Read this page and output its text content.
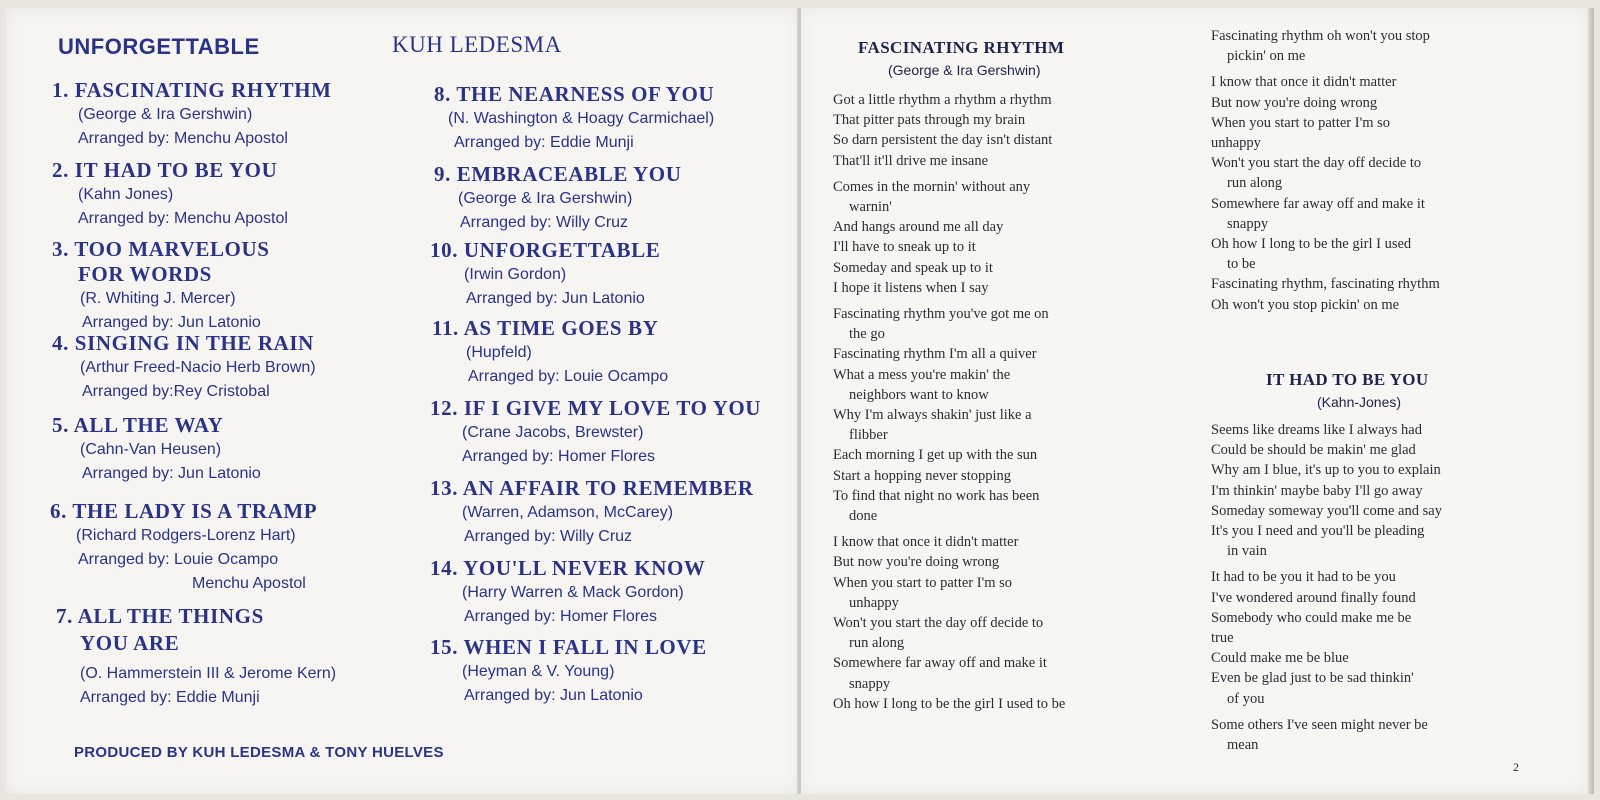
UNFORGETTABLE	KUH LEDESMA
1. FASCINATING RHYTHM
(George & Ira Gershwin)
Arranged by: Menchu Apostol
2. IT HAD TO BE YOU
(Kahn Jones)
Arranged by: Menchu Apostol
3. TOO MARVELOUS
FOR WORDS
(R. Whiting J. Mercer)
Arranged by: Jun Latonio
4. SINGING IN THE RAIN
(Arthur Freed-Nacio Herb Brown)
Arranged by:Rey Cristobal
5. ALL THE WAY
(Cahn-Van Heusen)
Arranged by: Jun Latonio
6. THE LADY IS A TRAMP
(Richard Rodgers-Lorenz Hart)
Arranged by: Louie Ocampo
Menchu Apostol
7. ALL THE THINGS
YOU ARE
(O. Hammerstein III & Jerome Kern)
Arranged by: Eddie Munji
8. THE NEARNESS OF YOU
(N. Washington & Hoagy Carmichael)
Arranged by: Eddie Munji
9. EMBRACEABLE YOU
(George & Ira Gershwin)
Arranged by: Willy Cruz
10. UNFORGETTABLE
(Irwin Gordon)
Arranged by: Jun Latonio
11. AS TIME GOES BY
(Hupfeld)
Arranged by: Louie Ocampo
12. IF I GIVE MY LOVE TO YOU
(Crane Jacobs, Brewster)
Arranged by: Homer Flores
13. AN AFFAIR TO REMEMBER
(Warren, Adamson, McCarey)
Arranged by: Willy Cruz
14. YOU'LL NEVER KNOW
(Harry Warren & Mack Gordon)
Arranged by: Homer Flores
15. WHEN I FALL IN LOVE
(Heyman & V. Young)
Arranged by: Jun Latonio
PRODUCED BY KUH LEDESMA & TONY HUELVES
FASCINATING RHYTHM
(George & Ira Gershwin)
Got a little rhythm a rhythm a rhythm
That pitter pats through my brain
So darn persistent the day isn't distant
That'll it'll drive me insane
Comes in the mornin' without any
warnin'
And hangs around me all day
I'll have to sneak up to it
Someday and speak up to it
I hope it listens when I say
Fascinating rhythm you've got me on
the go
Fascinating rhythm I'm all a quiver
What a mess you're makin' the
neighbors want to know
Why I'm always shakin' just like a
flibber
Each morning I get up with the sun
Start a hopping never stopping
To find that night no work has been
done
I know that once it didn't matter
But now you're doing wrong
When you start to patter I'm so
unhappy
Won't you start the day off decide to
run along
Somewhere far away off and make it
snappy
Oh how I long to be the girl I used to be
Fascinating rhythm oh won't you stop
pickin' on me
I know that once it didn't matter
But now you're doing wrong
When you start to patter I'm so
unhappy
Won't you start the day off decide to
run along
Somewhere far away off and make it
snappy
Oh how I long to be the girl I used
to be
Fascinating rhythm, fascinating rhythm
Oh won't you stop pickin' on me
IT HAD TO BE YOU
(Kahn-Jones)
Seems like dreams like I always had
Could be should be makin' me glad
Why am I blue, it's up to you to explain
I'm thinkin' maybe baby I'll go away
Someday someway you'll come and say
It's you I need and you'll be pleading
in vain
It had to be you it had to be you
I've wondered around finally found
Somebody who could make me be
true
Could make me be blue
Even be glad just to be sad thinkin'
of you
Some others I've seen might never be
mean
2
